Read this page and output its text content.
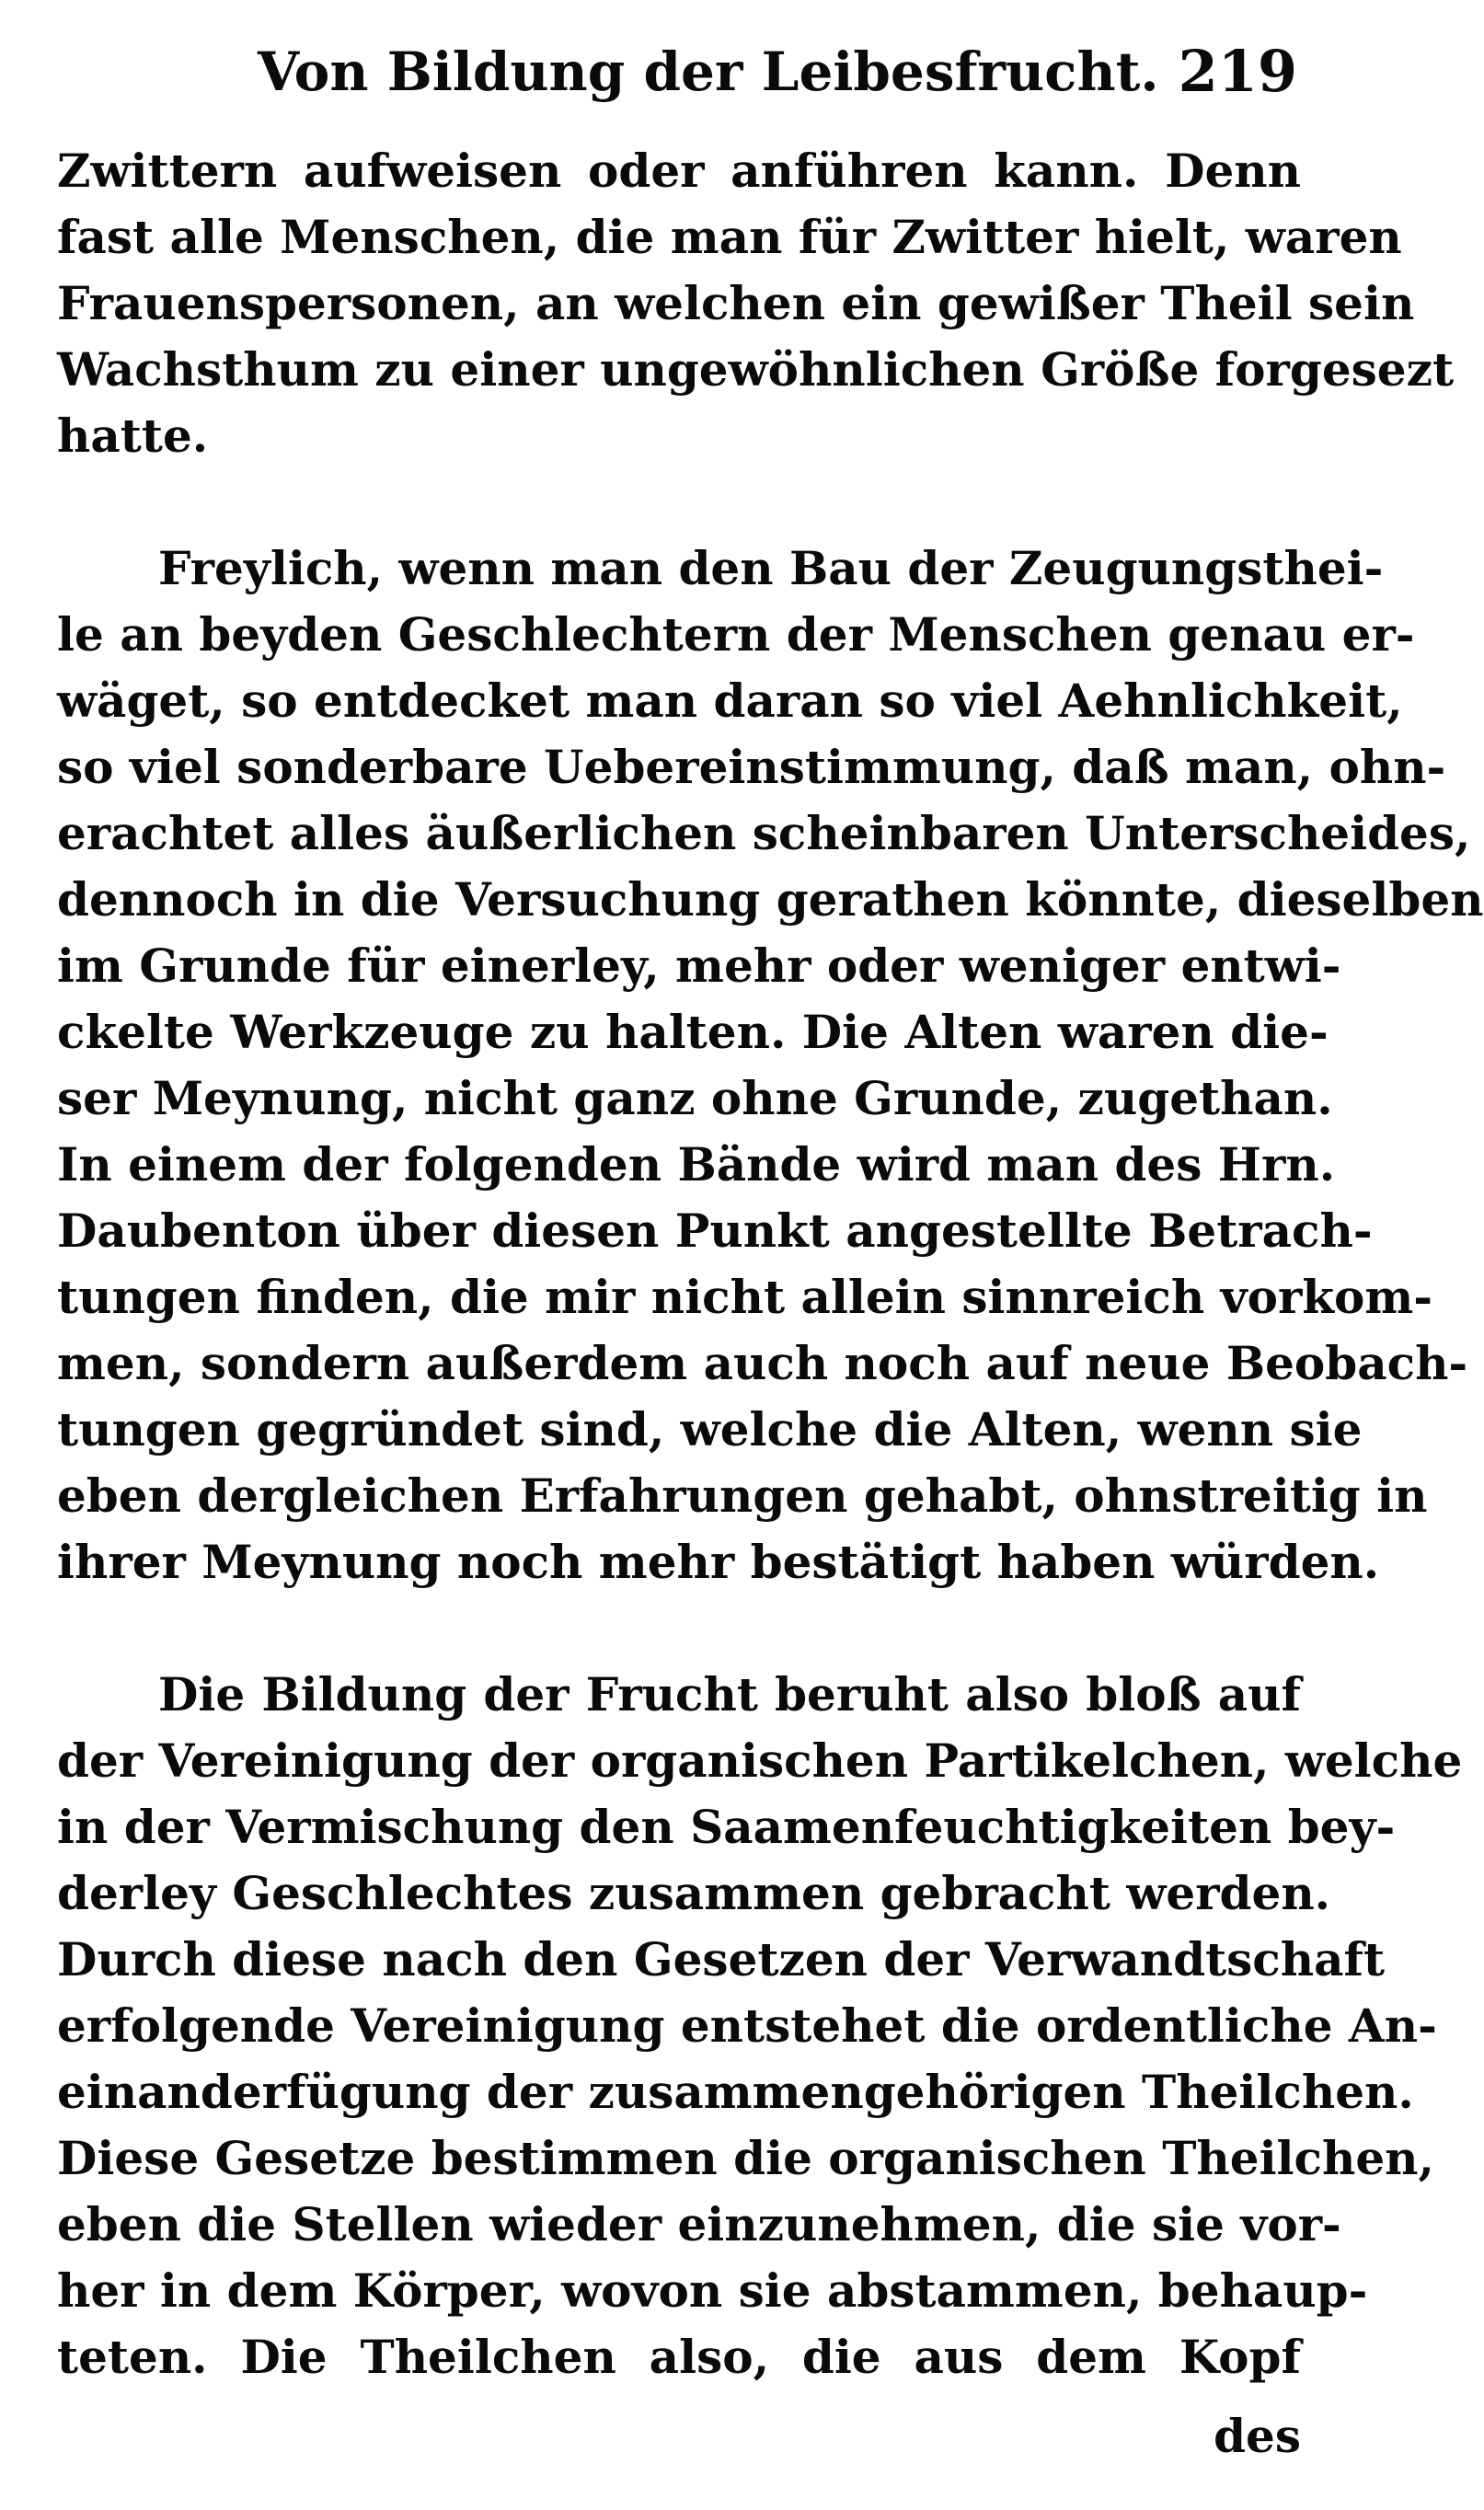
Von Bildung der Leibesfrucht. 219
Zwittern aufweisen oder anführen kann. Denn
fast alle Menschen, die man für Zwitter hielt, waren
Frauenspersonen, an welchen ein gewißer Theil sein
Wachsthum zu einer ungewöhnlichen Größe forgesezt
hatte.
Freylich, wenn man den Bau der Zeugungsthei-
le an beyden Geschlechtern der Menschen genau er-
wäget, so entdecket man daran so viel Aehnlichkeit,
so viel sonderbare Uebereinstimmung, daß man, ohn-
erachtet alles äußerlichen scheinbaren Unterscheides,
dennoch in die Versuchung gerathen könnte, dieselben
im Grunde für einerley, mehr oder weniger entwi-
ckelte Werkzeuge zu halten. Die Alten waren die-
ser Meynung, nicht ganz ohne Grunde, zugethan.
In einem der folgenden Bände wird man des Hrn.
Daubenton über diesen Punkt angestellte Betrach-
tungen finden, die mir nicht allein sinnreich vorkom-
men, sondern außerdem auch noch auf neue Beobach-
tungen gegründet sind, welche die Alten, wenn sie
eben dergleichen Erfahrungen gehabt, ohnstreitig in
ihrer Meynung noch mehr bestätigt haben würden.
Die Bildung der Frucht beruht also bloß auf
der Vereinigung der organischen Partikelchen, welche
in der Vermischung den Saamenfeuchtigkeiten bey-
derley Geschlechtes zusammen gebracht werden.
Durch diese nach den Gesetzen der Verwandtschaft
erfolgende Vereinigung entstehet die ordentliche An-
einanderfügung der zusammengehörigen Theilchen.
Diese Gesetze bestimmen die organischen Theilchen,
eben die Stellen wieder einzunehmen, die sie vor-
her in dem Körper, wovon sie abstammen, behaup-
teten. Die Theilchen also, die aus dem Kopf
des
